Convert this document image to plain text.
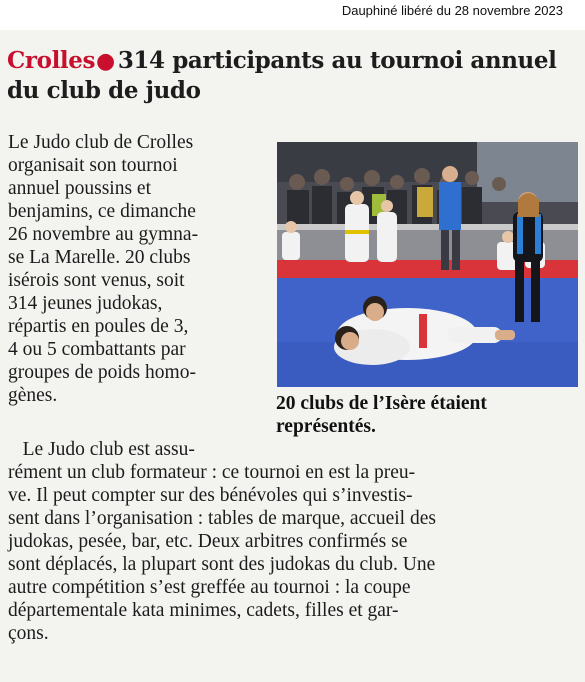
Dauphiné libéré du 28 novembre 2023
Crolles● 314 participants au tournoi annuel
du club de judo
Le Judo club de Crolles
organisait son tournoi
annuel poussins et
benjamins, ce dimanche
26 novembre au gymna-
se La Marelle. 20 clubs
isérois sont venus, soit
314 jeunes judokas,
répartis en poules de 3,
4 ou 5 combattants par
groupes de poids homo-
gènes.	20 clubs de l’Isère étaient
représentés.
Le Judo club est assu-
rément un club formateur : ce tournoi en est la preu-
ve. Il peut compter sur des bénévoles qui s’investis-
sent dans l’organisation : tables de marque, accueil des
judokas, pesée, bar, etc. Deux arbitres confirmés se
sont déplacés, la plupart sont des judokas du club. Une
autre compétition s’est greffée au tournoi : la coupe
départementale kata minimes, cadets, filles et gar-
çons.
